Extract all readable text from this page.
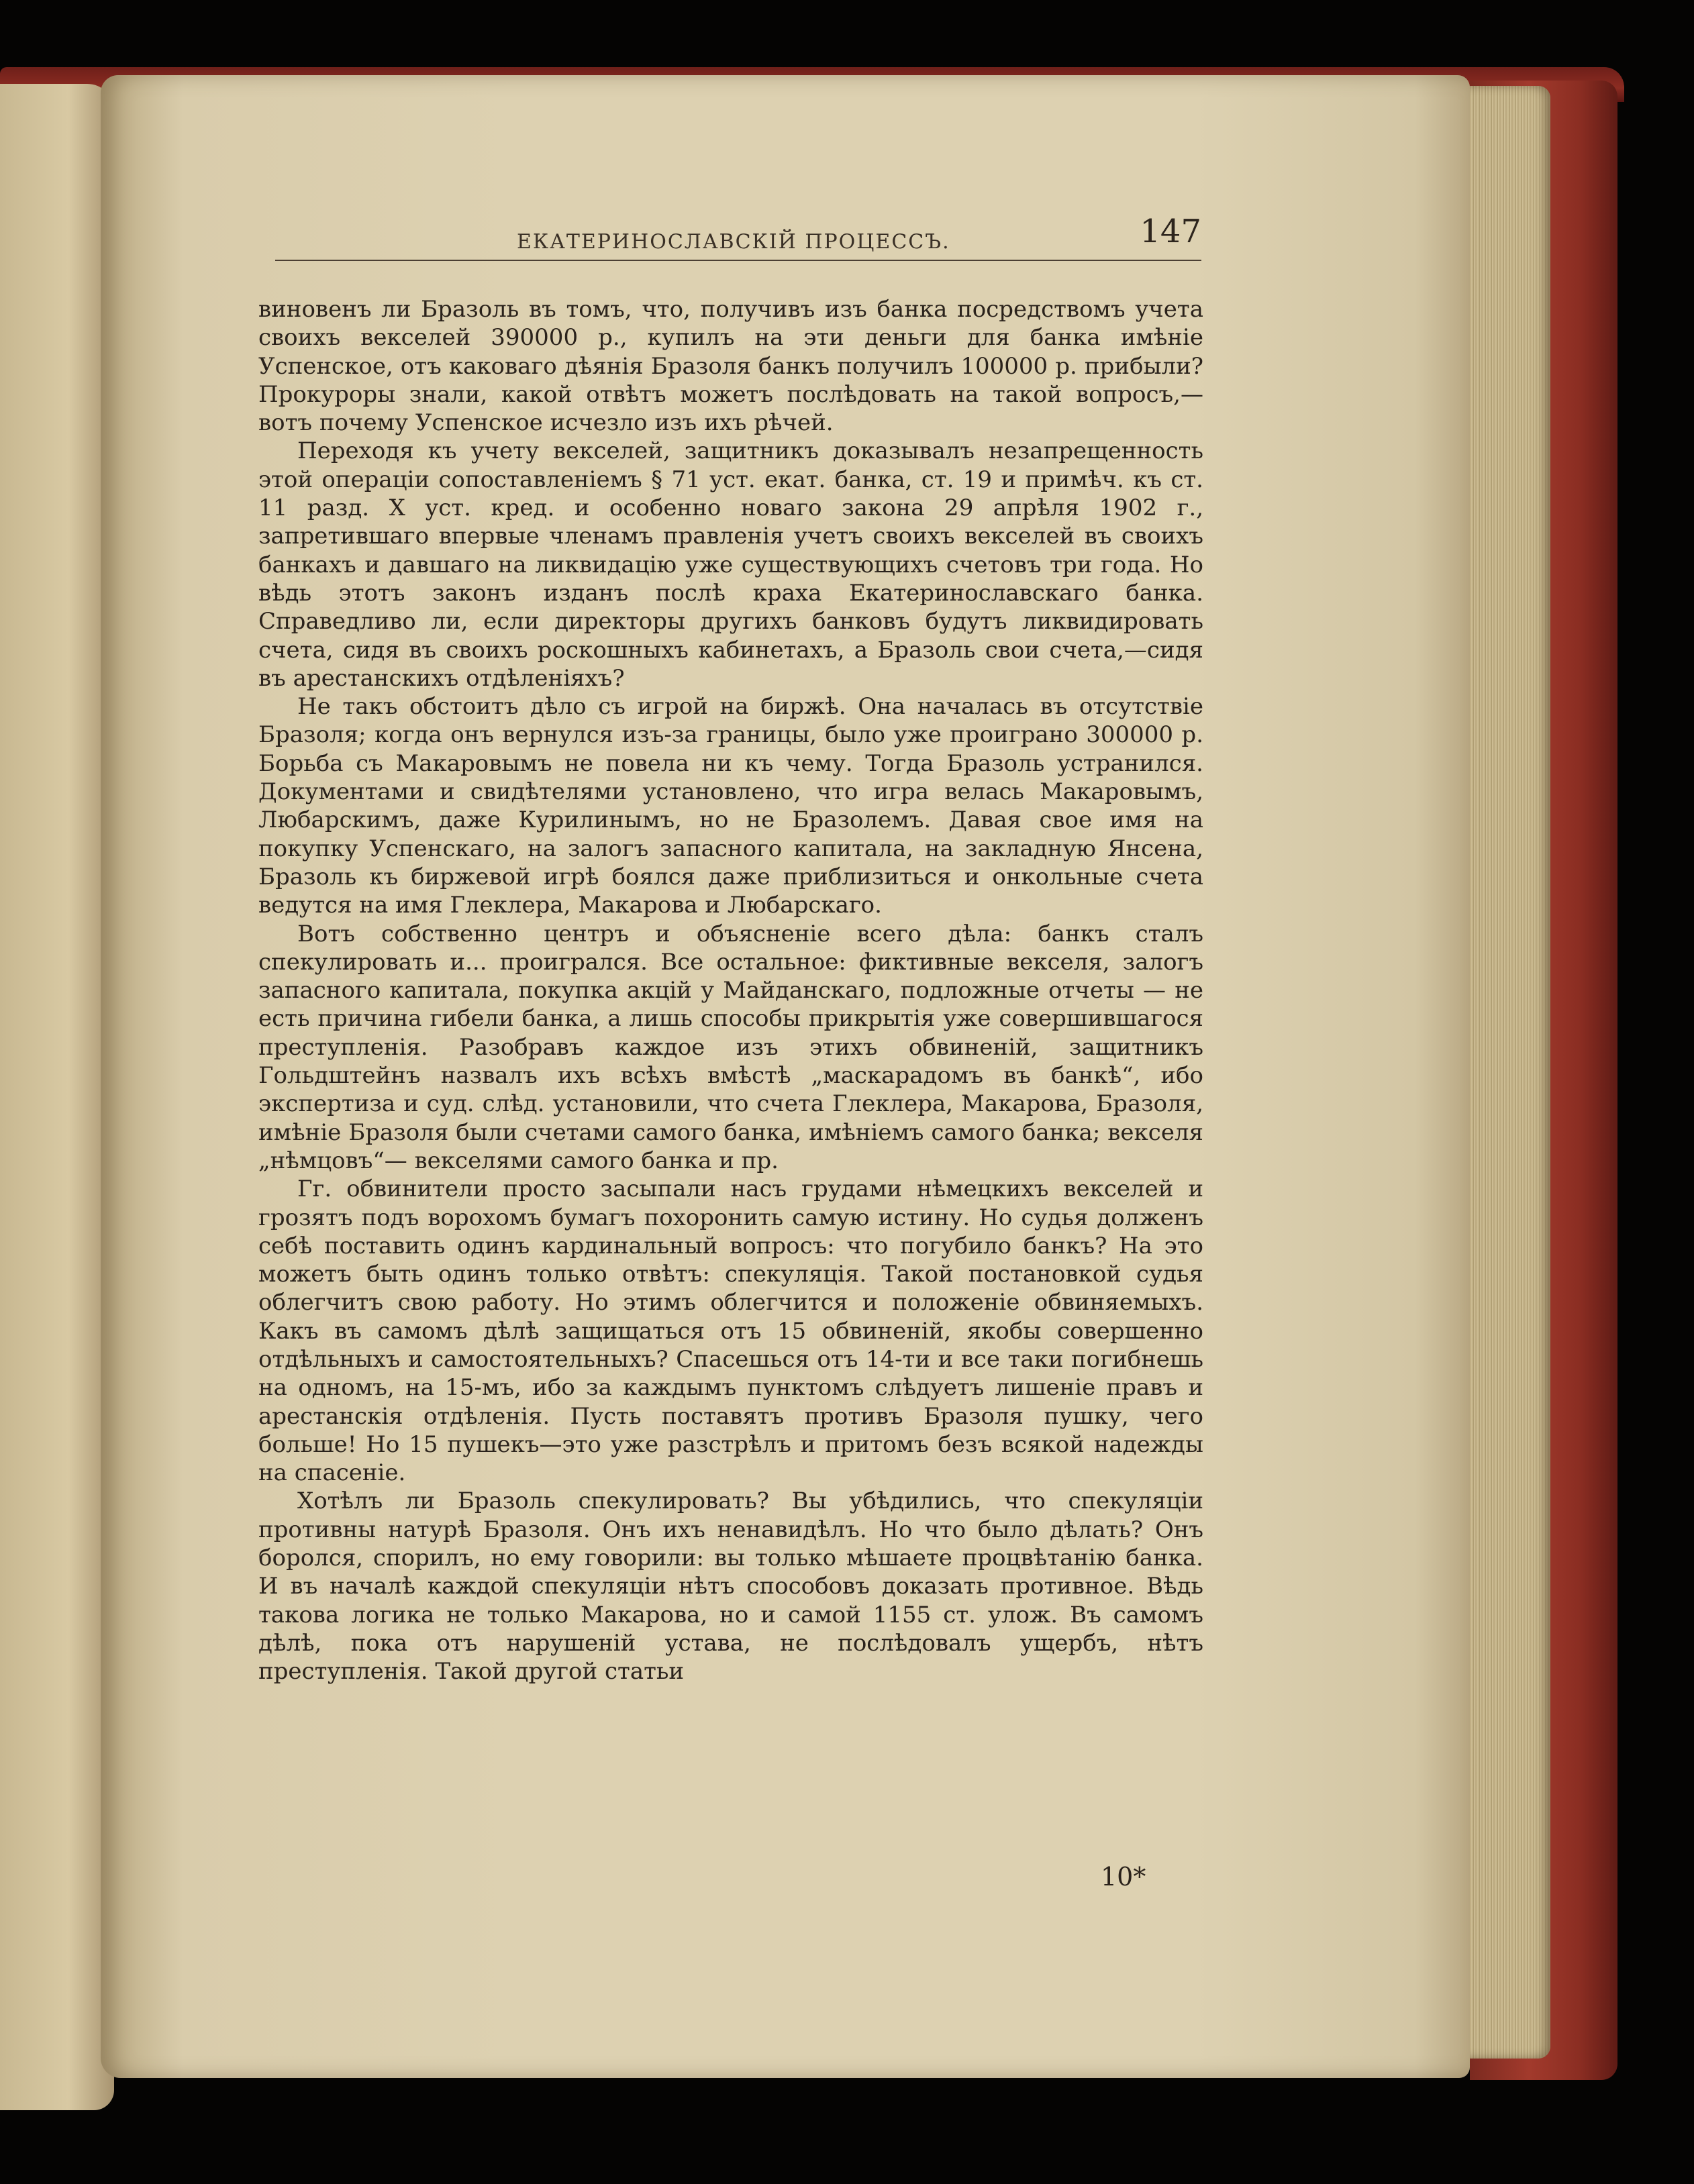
ЕКАТЕРИНОСЛАВСКІЙ ПРОЦЕССЪ.	147

виновенъ ли Бразоль въ томъ, что, получивъ изъ банка посредствомъ учета своихъ векселей 390000 р., купилъ на эти деньги для банка имѣніе Успенское, отъ каковаго дѣянія Бразоля банкъ получилъ 100000 р. прибыли? Прокуроры знали, какой отвѣтъ можетъ послѣдовать на такой вопросъ,—вотъ почему Успенское исчезло изъ ихъ рѣчей.

Переходя къ учету векселей, защитникъ доказывалъ незапрещенность этой операціи сопоставленіемъ § 71 уст. екат. банка, ст. 19 и примѣч. къ ст. 11 разд. X уст. кред. и особенно новаго закона 29 апрѣля 1902 г., запретившаго впервые членамъ правленія учетъ своихъ векселей въ своихъ банкахъ и давшаго на ликвидацію уже существующихъ счетовъ три года. Но вѣдь этотъ законъ изданъ послѣ краха Екатеринославскаго банка. Справедливо ли, если директоры другихъ банковъ будутъ ликвидировать счета, сидя въ своихъ роскошныхъ кабинетахъ, а Бразоль свои счета,—сидя въ арестанскихъ отдѣленіяхъ?

Не такъ обстоитъ дѣло съ игрой на биржѣ. Она началась въ отсутствіе Бразоля; когда онъ вернулся изъ-за границы, было уже проиграно 300000 р. Борьба съ Макаровымъ не повела ни къ чему. Тогда Бразоль устранился. Документами и свидѣтелями установлено, что игра велась Макаровымъ, Любарскимъ, даже Курилинымъ, но не Бразолемъ. Давая свое имя на покупку Успенскаго, на залогъ запасного капитала, на закладную Янсена, Бразоль къ биржевой игрѣ боялся даже приблизиться и онкольные счета ведутся на имя Глеклера, Макарова и Любарскаго.

Вотъ собственно центръ и объясненіе всего дѣла: банкъ сталъ спекулировать и... проигрался. Все остальное: фиктивные векселя, залогъ запасного капитала, покупка акцій у Майданскаго, подложные отчеты — не есть причина гибели банка, а лишь способы прикрытія уже совершившагося преступленія. Разобравъ каждое изъ этихъ обвиненій, защитникъ Гольдштейнъ назвалъ ихъ всѣхъ вмѣстѣ „маскарадомъ въ банкѣ“, ибо экспертиза и суд. слѣд. установили, что счета Глеклера, Макарова, Бразоля, имѣніе Бразоля были счетами самого банка, имѣніемъ самого банка; векселя „нѣмцовъ“— векселями самого банка и пр.

Гг. обвинители просто засыпали насъ грудами нѣмецкихъ векселей и грозятъ подъ ворохомъ бумагъ похоронить самую истину. Но судья долженъ себѣ поставить одинъ кардинальный вопросъ: что погубило банкъ? На это можетъ быть одинъ только отвѣтъ: спекуляція. Такой постановкой судья облегчитъ свою работу. Но этимъ облегчится и положеніе обвиняемыхъ. Какъ въ самомъ дѣлѣ защищаться отъ 15 обвиненій, якобы совершенно отдѣльныхъ и самостоятельныхъ? Спасешься отъ 14-ти и все таки погибнешь на одномъ, на 15-мъ, ибо за каждымъ пунктомъ слѣдуетъ лишеніе правъ и арестанскія отдѣленія. Пусть поставятъ противъ Бразоля пушку, чего больше! Но 15 пушекъ—это уже разстрѣлъ и притомъ безъ всякой надежды на спасеніе.

Хотѣлъ ли Бразоль спекулировать? Вы убѣдились, что спекуляціи противны натурѣ Бразоля. Онъ ихъ ненавидѣлъ. Но что было дѣлать? Онъ боролся, спорилъ, но ему говорили: вы только мѣшаете процвѣтанію банка. И въ началѣ каждой спекуляціи нѣтъ способовъ доказать противное. Вѣдь такова логика не только Макарова, но и самой 1155 ст. улож. Въ самомъ дѣлѣ, пока отъ нарушеній устава, не послѣдовалъ ущербъ, нѣтъ преступленія. Такой другой статьи

10*
